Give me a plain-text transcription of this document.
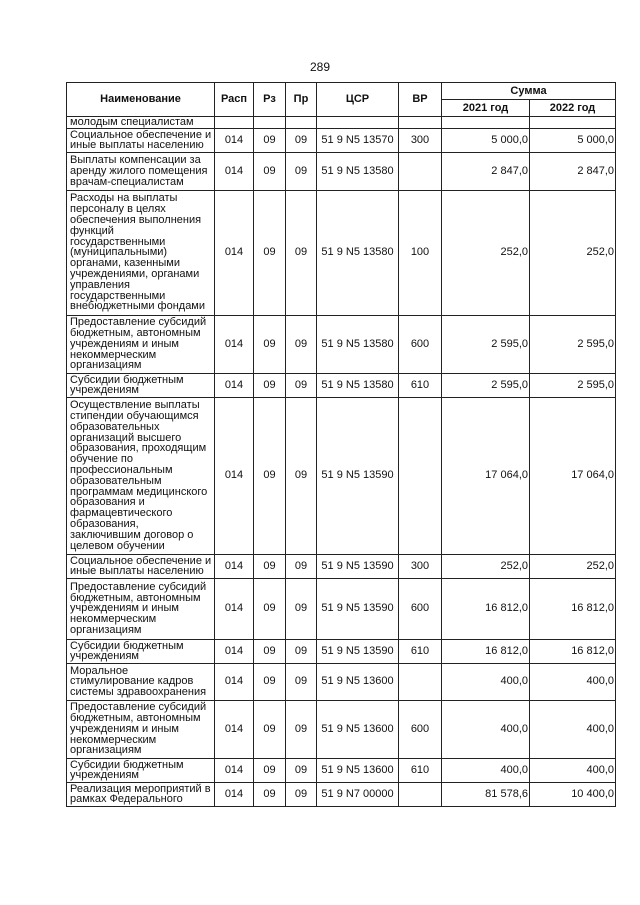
289
Наименование	Расп	Рз	Пр	ЦСР	ВР	Сумма	
						2021 год	2022 год
молодым специалистам							
Социальное обеспечение и иные выплаты населению	014	09	09	51 9 N5 13570	300	5 000,0	5 000,0
Выплаты компенсации за аренду жилого помещения врачам-специалистам	014	09	09	51 9 N5 13580		2 847,0	2 847,0
Расходы на выплаты персоналу в целях обеспечения выполнения функций государственными (муниципальными) органами, казенными учреждениями, органами управления государственными внебюджетными фондами	014	09	09	51 9 N5 13580	100	252,0	252,0
Предоставление субсидий бюджетным, автономным учреждениям и иным некоммерческим организациям	014	09	09	51 9 N5 13580	600	2 595,0	2 595,0
Субсидии бюджетным учреждениям	014	09	09	51 9 N5 13580	610	2 595,0	2 595,0
Осуществление выплаты стипендии обучающимся образовательных организаций высшего образования, проходящим обучение по профессиональным образовательным программам медицинского образования и фармацевтического образования, заключившим договор о целевом обучении	014	09	09	51 9 N5 13590		17 064,0	17 064,0
Социальное обеспечение и иные выплаты населению	014	09	09	51 9 N5 13590	300	252,0	252,0
Предоставление субсидий бюджетным, автономным учреждениям и иным некоммерческим организациям	014	09	09	51 9 N5 13590	600	16 812,0	16 812,0
Субсидии бюджетным учреждениям	014	09	09	51 9 N5 13590	610	16 812,0	16 812,0
Моральное стимулирование кадров системы здравоохранения	014	09	09	51 9 N5 13600		400,0	400,0
Предоставление субсидий бюджетным, автономным учреждениям и иным некоммерческим организациям	014	09	09	51 9 N5 13600	600	400,0	400,0
Субсидии бюджетным учреждениям	014	09	09	51 9 N5 13600	610	400,0	400,0
Реализация мероприятий в рамках Федерального	014	09	09	51 9 N7 00000		81 578,6	10 400,0
